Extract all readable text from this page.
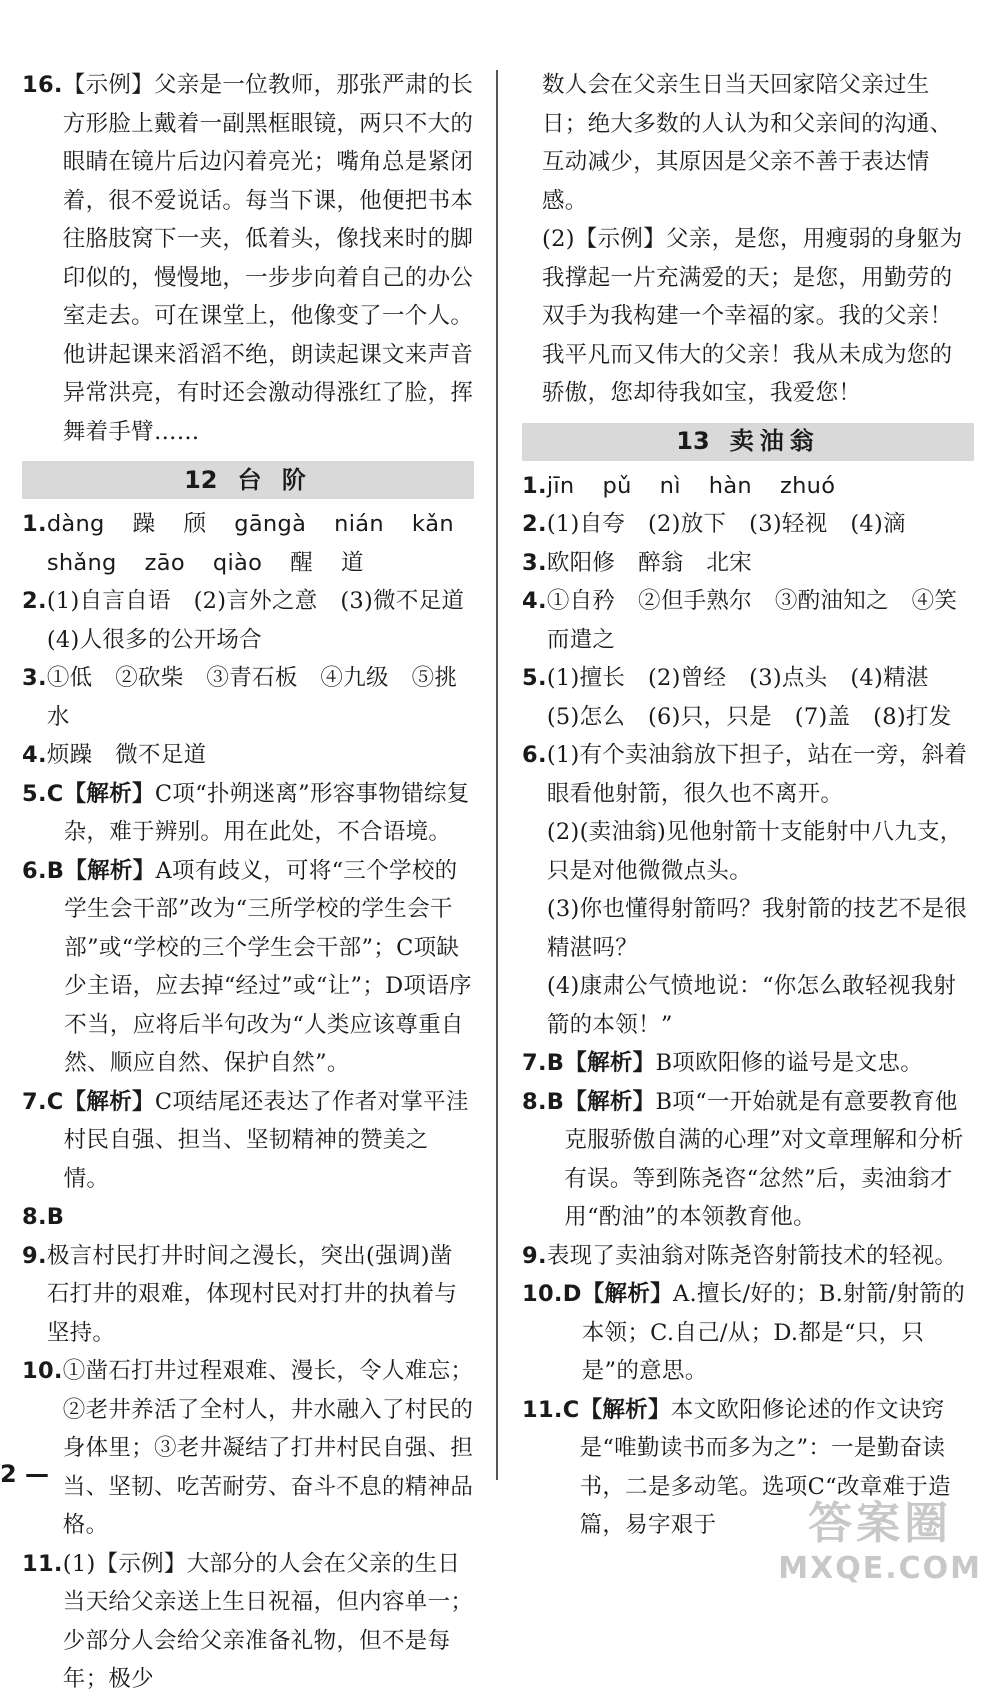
16. 【示例】父亲是一位教师，那张严肃的长方形脸上戴着一副黑框眼镜，两只不大的眼睛在镜片后边闪着亮光；嘴角总是紧闭着，很不爱说话。每当下课，他便把书本往胳肢窝下一夹，低着头，像找来时的脚印似的，慢慢地，一步步向着自己的办公室走去。可在课堂上，他像变了一个人。他讲起课来滔滔不绝，朗读起课文来声音异常洪亮，有时还会激动得涨红了脸，挥舞着手臂……
12 台 阶
1. dàng 躁 颀 gāngà nián kǎn
shǎng zāo qiào 醒 道
2. (1)自言自语　(2)言外之意　(3)微不足道　(4)人很多的公开场合
3. ①低　②砍柴　③青石板　④九级　⑤挑水
4. 烦躁　微不足道
5.C 【解析】C项“扑朔迷离”形容事物错综复杂，难于辨别。用在此处，不合语境。
6.B 【解析】A项有歧义，可将“三个学校的学生会干部”改为“三所学校的学生会干部”或“学校的三个学生会干部”；C项缺少主语，应去掉“经过”或“让”；D项语序不当，应将后半句改为“人类应该尊重自然、顺应自然、保护自然”。
7.C 【解析】C项结尾还表达了作者对掌平洼村民自强、担当、坚韧精神的赞美之情。
8.B
9. 极言村民打井时间之漫长，突出(强调)凿石打井的艰难，体现村民对打井的执着与坚持。
10. ①凿石打井过程艰难、漫长，令人难忘；②老井养活了全村人，井水融入了村民的身体里；③老井凝结了打井村民自强、担当、坚韧、吃苦耐劳、奋斗不息的精神品格。
11. (1)【示例】大部分的人会在父亲的生日当天给父亲送上生日祝福，但内容单一；少部分人会给父亲准备礼物，但不是每年；极少
数人会在父亲生日当天回家陪父亲过生日；绝大多数的人认为和父亲间的沟通、互动减少，其原因是父亲不善于表达情感。
(2)【示例】父亲，是您，用瘦弱的身躯为我撑起一片充满爱的天；是您，用勤劳的双手为我构建一个幸福的家。我的父亲！我平凡而又伟大的父亲！我从未成为您的骄傲，您却待我如宝，我爱您！
13 卖油翁
1. jīn pǔ nì hàn zhuó
2. (1)自夸　(2)放下　(3)轻视　(4)滴
3. 欧阳修　醉翁　北宋
4. ①自矜　②但手熟尔　③酌油知之　④笑而遣之
5. (1)擅长　(2)曾经　(3)点头　(4)精湛　(5)怎么　(6)只，只是　(7)盖　(8)打发
6. (1)有个卖油翁放下担子，站在一旁，斜着眼看他射箭，很久也不离开。
(2)(卖油翁)见他射箭十支能射中八九支，只是对他微微点头。
(3)你也懂得射箭吗？我射箭的技艺不是很精湛吗？
(4)康肃公气愤地说：“你怎么敢轻视我射箭的本领！”
7.B 【解析】B项欧阳修的谥号是文忠。
8.B 【解析】B项“一开始就是有意要教育他克服骄傲自满的心理”对文章理解和分析有误。等到陈尧咨“忿然”后，卖油翁才用“酌油”的本领教育他。
9. 表现了卖油翁对陈尧咨射箭技术的轻视。
10.D 【解析】A.擅长/好的；B.射箭/射箭的本领；C.自己/从；D.都是“只，只是”的意思。
11.C 【解析】本文欧阳修论述的作文诀窍是“唯勤读书而多为之”：一是勤奋读书，二是多动笔。选项C“改章难于造篇，易字艰于
2 —
答案圈
MXQE.COM
